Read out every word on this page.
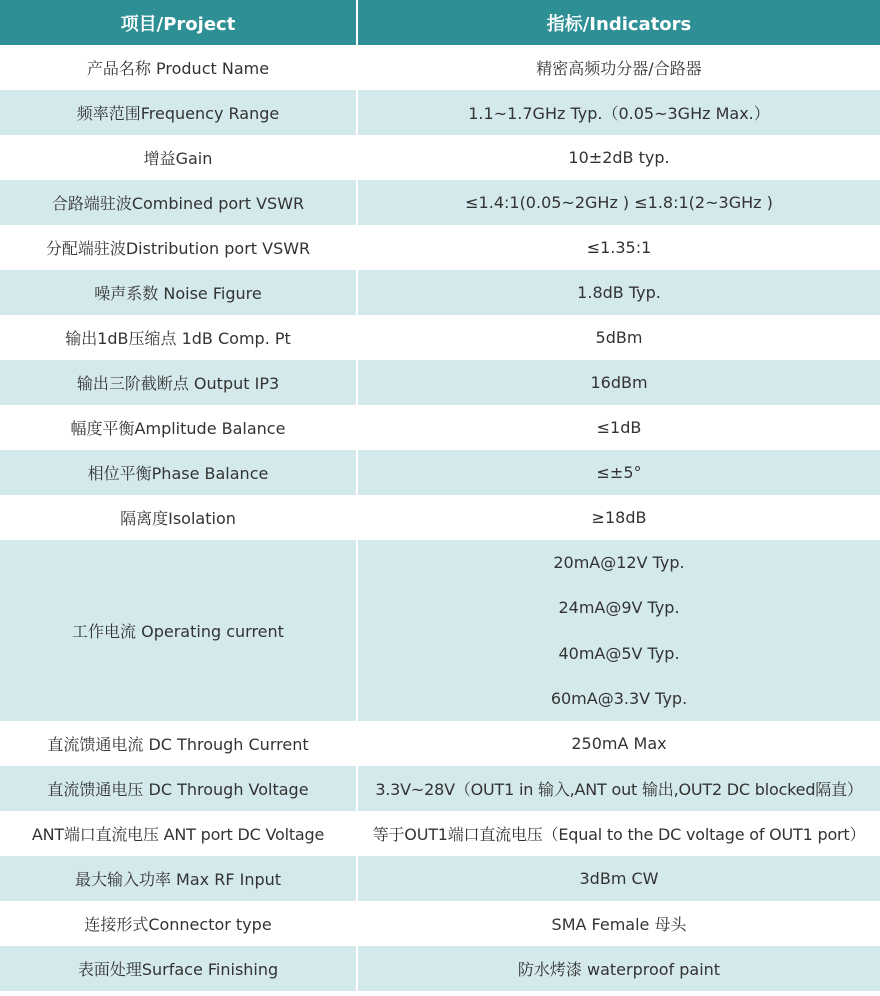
项目/Project	指标/Indicators
产品名称 Product Name	精密高频功分器/合路器
频率范围Frequency Range	1.1~1.7GHz Typ.（0.05~3GHz Max.）
增益Gain	10±2dB typ.
合路端驻波Combined port VSWR	≤1.4:1(0.05~2GHz ) ≤1.8:1(2~3GHz )
分配端驻波Distribution port VSWR	≤1.35:1
噪声系数 Noise Figure	1.8dB Typ.
输出1dB压缩点 1dB Comp. Pt	5dBm
输出三阶截断点 Output IP3	16dBm
幅度平衡Amplitude Balance	≤1dB
相位平衡Phase Balance	≤±5°
隔离度Isolation	≥18dB
工作电流 Operating current	20mA@12V Typ.
24mA@9V Typ.
40mA@5V Typ.
60mA@3.3V Typ.

直流馈通电流 DC Through Current	250mA Max
直流馈通电压 DC Through Voltage	3.3V~28V（OUT1 in 输入,ANT out 输出,OUT2 DC blocked隔直）
ANT端口直流电压 ANT port DC Voltage	等于OUT1端口直流电压（Equal to the DC voltage of OUT1 port）
最大输入功率 Max RF Input	3dBm CW
连接形式Connector type	SMA Female 母头
表面处理Surface Finishing	防水烤漆 waterproof paint
